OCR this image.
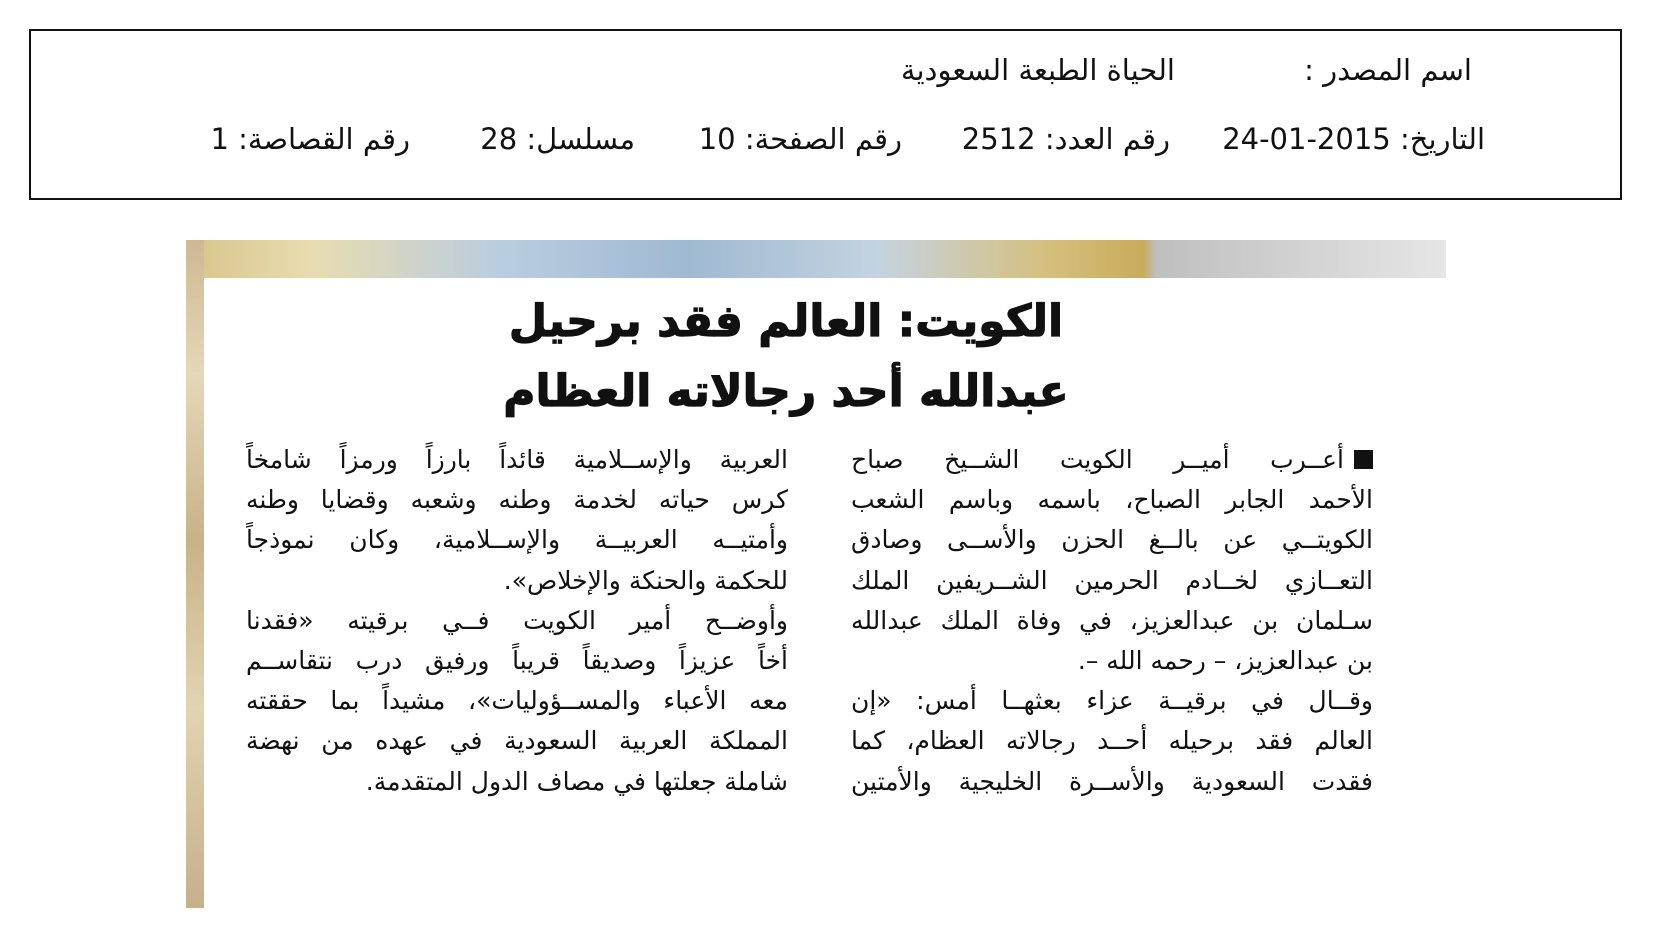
اسم المصدر :
الحياة الطبعة السعودية
التاريخ: 24-01-2015
رقم العدد: 2512
رقم الصفحة: 10
مسلسل: 28
رقم القصاصة: 1
الكويت: العالم فقد برحيل
عبدالله أحد رجالاته العظام

أعــرب أميــر الكويت الشــيخ صباح

الأحمد الجابر الصباح، باسمه وباسم الشعب

الكويتــي عن بالــغ الحزن والأســى وصادق

التعــازي لخــادم الحرمين الشــريفين الملك

سـلمان بن عبدالعزيز، في وفاة الملك عبدالله

بن عبدالعزيز، – رحمه الله –.

وقــال في برقيــة عزاء بعثهــا أمس: «إن

العالم فقد برحيله أحــد رجالاته العظام، كما

فقدت السعودية والأســرة الخليجية والأمتين

العربية والإســلامية قائداً بارزاً ورمزاً شامخاً

كرس حياته لخدمة وطنه وشعبه وقضايا وطنه

وأمتيــه العربيــة والإســلامية، وكان نموذجاً

للحكمة والحنكة والإخلاص».

وأوضــح أمير الكويت فــي برقيته «فقدنا

أخاً عزيزاً وصديقاً قريباً ورفيق درب نتقاســم

معه الأعباء والمســؤوليات»، مشيداً بما حققته

المملكة العربية السعودية في عهده من نهضة

شاملة جعلتها في مصاف الدول المتقدمة.
